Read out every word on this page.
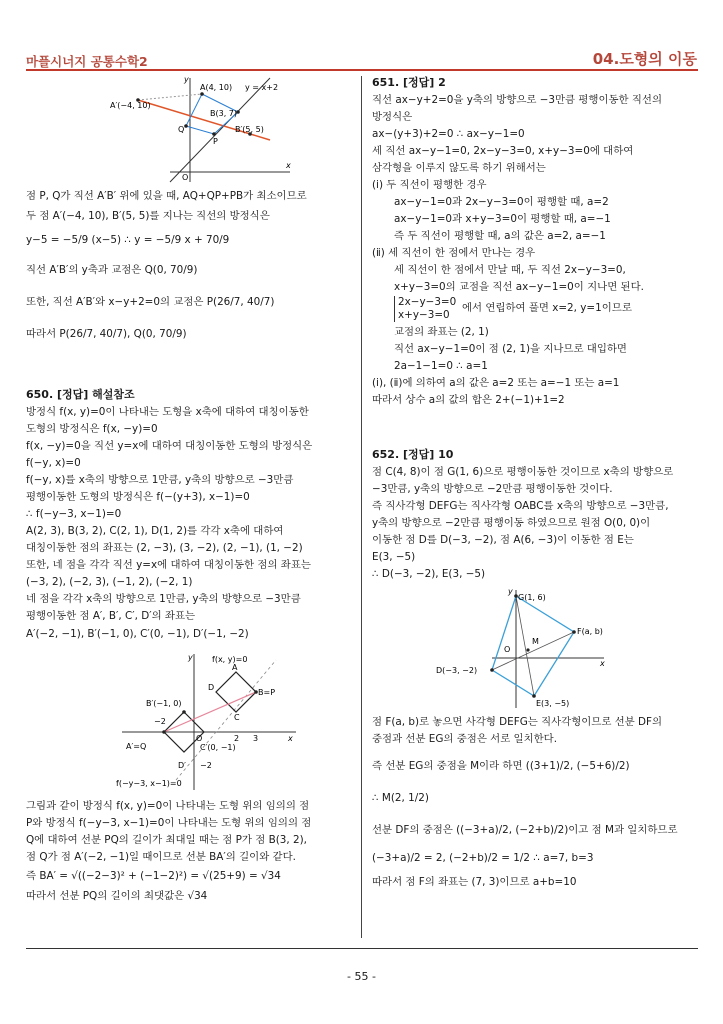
마플시너지 공통수학2	04.도형의 이동
y
A(4, 10) y = x+2
A′(−4, 10)
B(3, 7)
B′(5, 5)
Q
P
O
x
점 P, Q가 직선 A′B′ 위에 있을 때, AQ+QP+PB가 최소이므로
두 점 A′(−4, 10), B′(5, 5)를 지나는 직선의 방정식은
y−5 = −5/9 (x−5) ∴ y = −5/9 x + 70/9
직선 A′B′의 y축과 교점은 Q(0, 70/9)
또한, 직선 A′B′와 x−y+2=0의 교점은 P(26/7, 40/7)
따라서 P(26/7, 40/7), Q(0, 70/9)
650. [정답] 해설참조
방정식 f(x, y)=0이 나타내는 도형을 x축에 대하여 대칭이동한
도형의 방정식은 f(x, −y)=0
f(x, −y)=0을 직선 y=x에 대하여 대칭이동한 도형의 방정식은
f(−y, x)=0
f(−y, x)를 x축의 방향으로 1만큼, y축의 방향으로 −3만큼
평행이동한 도형의 방정식은 f(−(y+3), x−1)=0
∴ f(−y−3, x−1)=0
A(2, 3), B(3, 2), C(2, 1), D(1, 2)를 각각 x축에 대하여
대칭이동한 점의 좌표는 (2, −3), (3, −2), (2, −1), (1, −2)
또한, 네 점을 각각 직선 y=x에 대하여 대칭이동한 점의 좌표는
(−3, 2), (−2, 3), (−1, 2), (−2, 1)
네 점을 각각 x축의 방향으로 1만큼, y축의 방향으로 −3만큼
평행이동한 점 A′, B′, C′, D′의 좌표는
A′(−2, −1), B′(−1, 0), C′(0, −1), D′(−1, −2)
그림과 같이 방정식 f(x, y)=0이 나타내는 도형 위의 임의의 점
P와 방정식 f(−y−3, x−1)=0이 나타내는 도형 위의 임의의 점
Q에 대하여 선분 PQ의 길이가 최대일 때는 점 P가 점 B(3, 2),
점 Q가 점 A′(−2, −1)일 때이므로 선분 BA′의 길이와 같다.
즉 BA′ = √((−2−3)² + (−1−2)²) = √(25+9) = √34
따라서 선분 PQ의 길이의 최댓값은 √34
y f(x, y)=0
A
D
B=P
C
B′(−1, 0)
−2
A′=Q
O	2 3	x
C′(0, −1)
D′ −2
f(−y−3, x−1)=0
651. [정답] 2
직선 ax−y+2=0을 y축의 방향으로 −3만큼 평행이동한 직선의
방정식은
ax−(y+3)+2=0 ∴ ax−y−1=0
세 직선 ax−y−1=0, 2x−y−3=0, x+y−3=0에 대하여
삼각형을 이루지 않도록 하기 위해서는
(ⅰ) 두 직선이 평행한 경우
ax−y−1=0과 2x−y−3=0이 평행할 때, a=2
ax−y−1=0과 x+y−3=0이 평행할 때, a=−1
즉 두 직선이 평행할 때, a의 값은 a=2, a=−1
(ⅱ) 세 직선이 한 점에서 만나는 경우
세 직선이 한 점에서 만날 때, 두 직선 2x−y−3=0,
x+y−3=0의 교점을 직선 ax−y−1=0이 지나면 된다.
2x−y−3=0
x+y−3=0
에서 연립하여 풀면 x=2, y=1이므로
교점의 좌표는 (2, 1)
직선 ax−y−1=0이 점 (2, 1)을 지나므로 대입하면
2a−1−1=0 ∴ a=1
(ⅰ), (ⅱ)에 의하여 a의 값은 a=2 또는 a=−1 또는 a=1
따라서 상수 a의 값의 합은 2+(−1)+1=2
652. [정답] 10
점 C(4, 8)이 점 G(1, 6)으로 평행이동한 것이므로 x축의 방향으로
−3만큼, y축의 방향으로 −2만큼 평행이동한 것이다.
즉 직사각형 DEFG는 직사각형 OABC를 x축의 방향으로 −3만큼,
y축의 방향으로 −2만큼 평행이동 하였으므로 원점 O(0, 0)이
이동한 점 D를 D(−3, −2), 점 A(6, −3)이 이동한 점 E는
E(3, −5)
∴ D(−3, −2), E(3, −5)
점 F(a, b)로 놓으면 사각형 DEFG는 직사각형이므로 선분 DF의
중점과 선분 EG의 중점은 서로 일치한다.
즉 선분 EG의 중점을 M이라 하면 ((3+1)/2, (−5+6)/2)
∴ M(2, 1/2)
선분 DF의 중점은 ((−3+a)/2, (−2+b)/2)이고 점 M과 일치하므로
(−3+a)/2 = 2, (−2+b)/2 = 1/2 ∴ a=7, b=3
따라서 점 F의 좌표는 (7, 3)이므로 a+b=10
y
G(1, 6)
F(a, b)
M
O
x
D(−3, −2)
E(3, −5)
- 55 -
